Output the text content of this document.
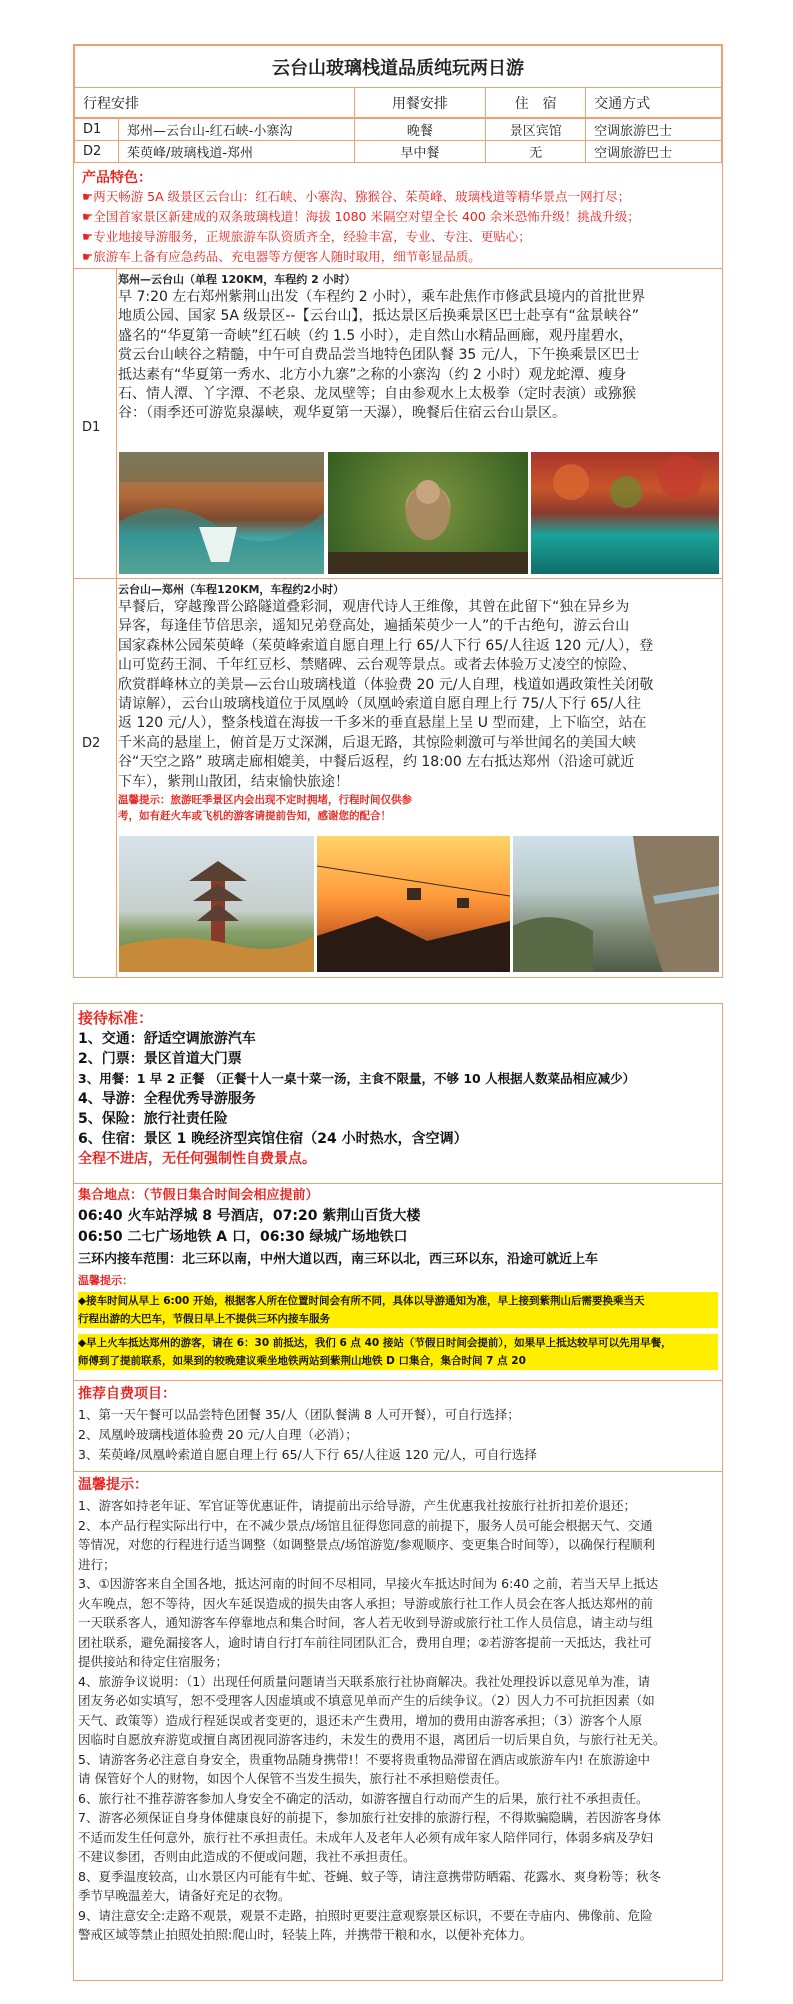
云台山玻璃栈道品质纯玩两日游
行程安排	用餐安排	住　宿	交通方式
D1	郑州—云台山-红石峡-小寨沟	晚餐	景区宾馆	空调旅游巴士
D2	茱萸峰/玻璃栈道-郑州	早中餐	无	空调旅游巴士
产品特色：
☛两天畅游 5A 级景区云台山：红石峡、小寨沟、猕猴谷、茱萸峰、玻璃栈道等精华景点一网打尽；
☛全国首家景区新建成的双条玻璃栈道！海拔 1080 米隔空对望全长 400 余米恐怖升级！挑战升级；
☛专业地接导游服务，正规旅游车队资质齐全，经验丰富，专业、专注、更贴心；
☛旅游车上备有应急药品、充电器等方便客人随时取用，细节彰显品质。
D1
郑州—云台山（单程 120KM，车程约 2 小时）
早 7:20 左右郑州紫荆山出发（车程约 2 小时），乘车赴焦作市修武县境内的首批世界
地质公园、国家 5A 级景区--【云台山】，抵达景区后换乘景区巴士赴享有“盆景峡谷”
盛名的“华夏第一奇峡”红石峡（约 1.5 小时），走自然山水精品画廊，观丹崖碧水，
赏云台山峡谷之精髓，中午可自费品尝当地特色团队餐 35 元/人，下午换乘景区巴士
抵达素有“华夏第一秀水、北方小九寨”之称的小寨沟（约 2 小时）观龙蛇潭、瘦身
石、情人潭、丫字潭、不老泉、龙凤壁等；自由参观水上太极拳（定时表演）或猕猴
谷：（雨季还可游览泉瀑峡，观华夏第一天瀑），晚餐后住宿云台山景区。
D2
云台山—郑州（车程120KM，车程约2小时）
早餐后，穿越豫晋公路隧道叠彩洞，观唐代诗人王维像，其曾在此留下“独在异乡为
异客，每逢佳节倍思亲，遥知兄弟登高处，遍插茱萸少一人”的千古绝句，游云台山
国家森林公园茱萸峰（茱萸峰索道自愿自理上行 65/人下行 65/人往返 120 元/人），登
山可览药王洞、千年红豆杉、禁赌碑、云台观等景点。或者去体验万丈凌空的惊险、
欣赏群峰林立的美景—云台山玻璃栈道（体验费 20 元/人自理，栈道如遇政策性关闭敬
请谅解），云台山玻璃栈道位于凤凰岭（凤凰岭索道自愿自理上行 75/人下行 65/人往
返 120 元/人），整条栈道在海拔一千多米的垂直悬崖上呈 U 型而建，上下临空，站在
千米高的悬崖上，俯首是万丈深渊，后退无路，其惊险刺激可与举世闻名的美国大峡
谷“天空之路” 玻璃走廊相媲美，中餐后返程，约 18:00 左右抵达郑州（沿途可就近
下车），紫荆山散团，结束愉快旅途！
温馨提示：旅游旺季景区内会出现不定时拥堵，行程时间仅供参
考，如有赶火车或飞机的游客请提前告知，感谢您的配合！
接待标准：
1、交通：舒适空调旅游汽车
2、门票：景区首道大门票
3、用餐：1 早 2 正餐 （正餐十人一桌十菜一汤，主食不限量，不够 10 人根据人数菜品相应减少）
4、导游：全程优秀导游服务
5、保险：旅行社责任险
6、住宿：景区 1 晚经济型宾馆住宿（24 小时热水，含空调）
全程不进店，无任何强制性自费景点。
集合地点：（节假日集合时间会相应提前）
06:40 火车站浮城 8 号酒店，07:20 紫荆山百货大楼
06:50 二七广场地铁 A 口，06:30 绿城广场地铁口
三环内接车范围：北三环以南，中州大道以西，南三环以北，西三环以东，沿途可就近上车
温馨提示：
◆接车时间从早上 6:00 开始，根据客人所在位置时间会有所不同，具体以导游通知为准，早上接到紫荆山后需要换乘当天
行程出游的大巴车，节假日早上不提供三环内接车服务
◆早上火车抵达郑州的游客，请在 6：30 前抵达，我们 6 点 40 接站（节假日时间会提前），如果早上抵达较早可以先用早餐，
师傅到了提前联系，如果到的较晚建议乘坐地铁两站到紫荆山地铁 D 口集合，集合时间 7 点 20
推荐自费项目：
1、第一天午餐可以品尝特色团餐 35/人（团队餐满 8 人可开餐），可自行选择；
2、凤凰岭玻璃栈道体验费 20 元/人自理（必消）；
3、茱萸峰/凤凰岭索道自愿自理上行 65/人下行 65/人往返 120 元/人，可自行选择
温馨提示：
1、游客如持老年证、军官证等优惠证件，请提前出示给导游，产生优惠我社按旅行社折扣差价退还；
2、本产品行程实际出行中，在不减少景点/场馆且征得您同意的前提下，服务人员可能会根据天气、交通
等情况，对您的行程进行适当调整（如调整景点/场馆游览/参观顺序、变更集合时间等），以确保行程顺利
进行；
3、①因游客来自全国各地，抵达河南的时间不尽相同，早接火车抵达时间为 6:40 之前，若当天早上抵达
火车晚点，恕不等待，因火车延误造成的损失由客人承担；导游或旅行社工作人员会在客人抵达郑州的前
一天联系客人，通知游客车停靠地点和集合时间，客人若无收到导游或旅行社工作人员信息，请主动与组
团社联系，避免漏接客人，逾时请自行打车前往同团队汇合，费用自理；②若游客提前一天抵达，我社可
提供接站和待定住宿服务；
4、旅游争议说明：（1）出现任何质量问题请当天联系旅行社协商解决。我社处理投诉以意见单为准，请
团友务必如实填写，恕不受理客人因虚填或不填意见单而产生的后续争议。（2）因人力不可抗拒因素（如
天气、政策等）造成行程延误或者变更的，退还未产生费用，增加的费用由游客承担；（3）游客个人原
因临时自愿放弃游览或擅自离团视同游客违约，未发生的费用不退，离团后一切后果自负，与旅行社无关。
5、请游客务必注意自身安全，贵重物品随身携带!！不要将贵重物品滞留在酒店或旅游车内! 在旅游途中
请 保管好个人的财物，如因个人保管不当发生损失，旅行社不承担赔偿责任。
6、旅行社不推荐游客参加人身安全不确定的活动，如游客擅自行动而产生的后果，旅行社不承担责任。
7、游客必须保证自身身体健康良好的前提下，参加旅行社安排的旅游行程，不得欺骗隐瞒，若因游客身体
不适而发生任何意外，旅行社不承担责任。未成年人及老年人必须有成年家人陪伴同行，体弱多病及孕妇
不建议参团，否则由此造成的不便或问题，我社不承担责任。
8、夏季温度较高，山水景区内可能有牛虻、苍蝇、蚊子等，请注意携带防晒霜、花露水、爽身粉等；秋冬
季节早晚温差大，请备好充足的衣物。
9、请注意安全:走路不观景，观景不走路，拍照时更要注意观察景区标识，不要在寺庙内、佛像前、危险
警戒区域等禁止拍照处拍照:爬山时，轻装上阵，并携带干粮和水，以便补充体力。
